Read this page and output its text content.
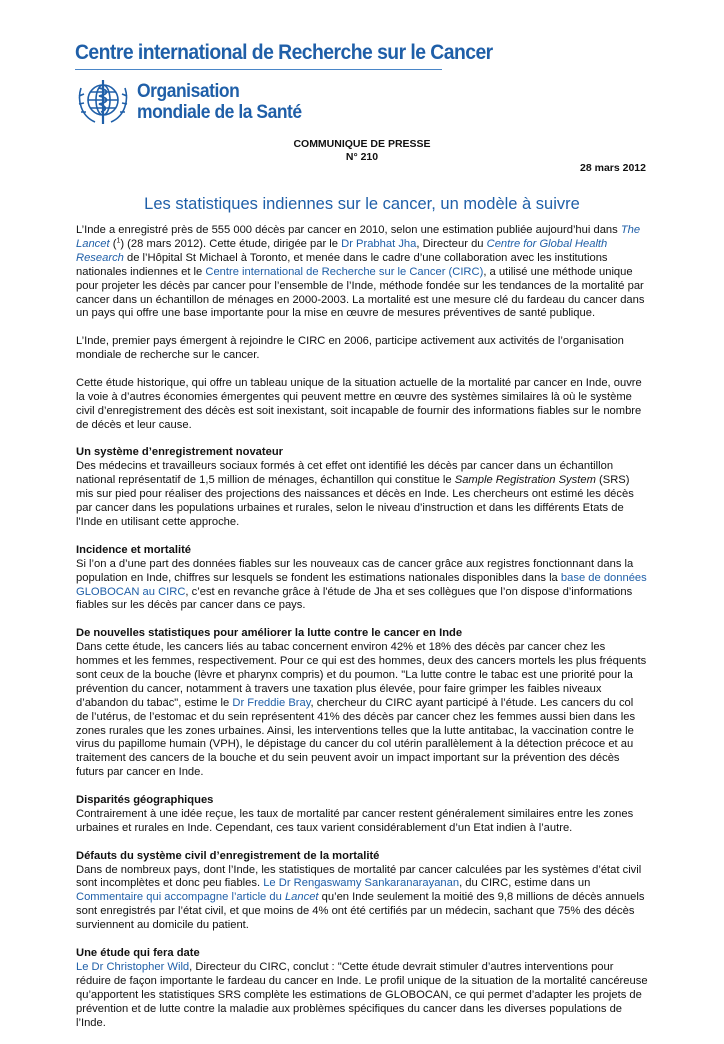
Centre international de Recherche sur le Cancer
Organisation
mondiale de la Santé
COMMUNIQUE DE PRESSE
N° 210
28 mars 2012
Les statistiques indiennes sur le cancer, un modèle à suivre

L’Inde a enregistré près de 555 000 décès par cancer en 2010, selon une estimation publiée aujourd’hui dans The Lancet ($^1$) (28 mars 2012). Cette étude, dirigée par le Dr Prabhat Jha, Directeur du Centre for Global Health Research de l’Hôpital St Michael à Toronto, et menée dans le cadre d’une collaboration avec les institutions nationales indiennes et le Centre international de Recherche sur le Cancer (CIRC), a utilisé une méthode unique pour projeter les décès par cancer pour l’ensemble de l’Inde, méthode fondée sur les tendances de la mortalité par cancer dans un échantillon de ménages en 2000-2003. La mortalité est une mesure clé du fardeau du cancer dans un pays qui offre une base importante pour la mise en œuvre de mesures préventives de santé publique.

L’Inde, premier pays émergent à rejoindre le CIRC en 2006, participe activement aux activités de l’organisation mondiale de recherche sur le cancer.

Cette étude historique, qui offre un tableau unique de la situation actuelle de la mortalité par cancer en Inde, ouvre la voie à d’autres économies émergentes qui peuvent mettre en œuvre des systèmes similaires là où le système civil d’enregistrement des décès est soit inexistant, soit incapable de fournir des informations fiables sur le nombre de décès et leur cause.

Un système d’enregistrement novateur

Des médecins et travailleurs sociaux formés à cet effet ont identifié les décès par cancer dans un échantillon national représentatif de 1,5 million de ménages, échantillon qui constitue le Sample Registration System (SRS) mis sur pied pour réaliser des projections des naissances et décès en Inde. Les chercheurs ont estimé les décès par cancer dans les populations urbaines et rurales, selon le niveau d’instruction et dans les différents Etats de l'Inde en utilisant cette approche.

Incidence et mortalité

Si l’on a d’une part des données fiables sur les nouveaux cas de cancer grâce aux registres fonctionnant dans la population en Inde, chiffres sur lesquels se fondent les estimations nationales disponibles dans la base de données GLOBOCAN au CIRC, c’est en revanche grâce à l'étude de Jha et ses collègues que l’on dispose d’informations fiables sur les décès par cancer dans ce pays.

De nouvelles statistiques pour améliorer la lutte contre le cancer en Inde

Dans cette étude, les cancers liés au tabac concernent environ 42% et 18% des décès par cancer chez les hommes et les femmes, respectivement. Pour ce qui est des hommes, deux des cancers mortels les plus fréquents sont ceux de la bouche (lèvre et pharynx compris) et du poumon. "La lutte contre le tabac est une priorité pour la prévention du cancer, notamment à travers une taxation plus élevée, pour faire grimper les faibles niveaux d’abandon du tabac", estime le Dr Freddie Bray, chercheur du CIRC ayant participé à l’étude. Les cancers du col de l’utérus, de l’estomac et du sein représentent 41% des décès par cancer chez les femmes aussi bien dans les zones rurales que les zones urbaines. Ainsi, les interventions telles que la lutte antitabac, la vaccination contre le virus du papillome humain (VPH), le dépistage du cancer du col utérin parallèlement à la détection précoce et au traitement des cancers de la bouche et du sein peuvent avoir un impact important sur la prévention des décès futurs par cancer en Inde.

Disparités géographiques

Contrairement à une idée reçue, les taux de mortalité par cancer restent généralement similaires entre les zones urbaines et rurales en Inde. Cependant, ces taux varient considérablement d’un Etat indien à l’autre.

Défauts du système civil d’enregistrement de la mortalité

Dans de nombreux pays, dont l’Inde, les statistiques de mortalité par cancer calculées par les systèmes d’état civil sont incomplètes et donc peu fiables. Le Dr Rengaswamy Sankaranarayanan, du CIRC, estime dans un Commentaire qui accompagne l’article du Lancet qu’en Inde seulement la moitié des 9,8 millions de décès annuels sont enregistrés par l’état civil, et que moins de 4% ont été certifiés par un médecin, sachant que 75% des décès surviennent au domicile du patient.

Une étude qui fera date

Le Dr Christopher Wild, Directeur du CIRC, conclut : "Cette étude devrait stimuler d’autres interventions pour réduire de façon importante le fardeau du cancer en Inde. Le profil unique de la situation de la mortalité cancéreuse qu’apportent les statistiques SRS complète les estimations de GLOBOCAN, ce qui permet d’adapter les projets de prévention et de lutte contre la maladie aux problèmes spécifiques du cancer dans les diverses populations de l’Inde.
